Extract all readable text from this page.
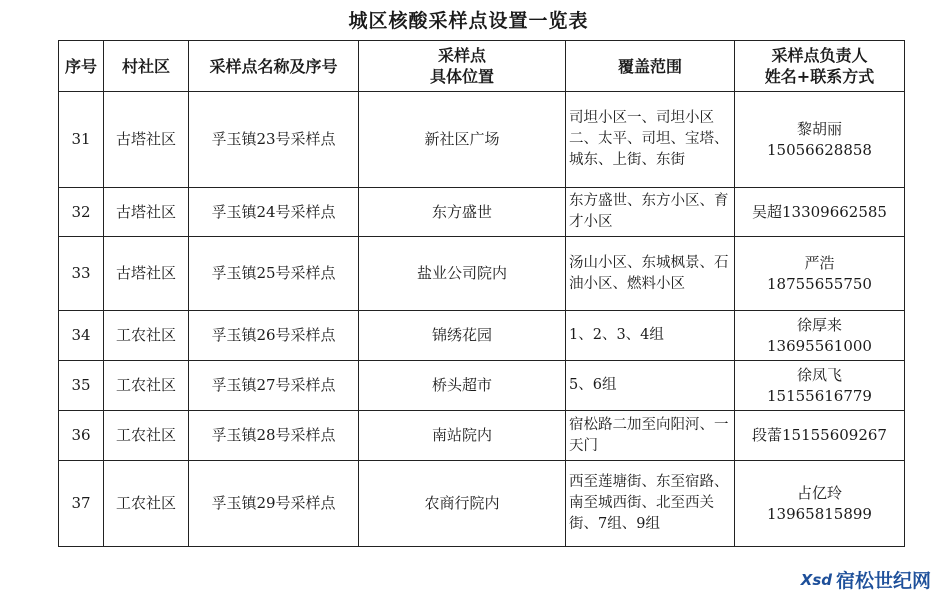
城区核酸采样点设置一览表
序号	村社区	采样点名称及序号	采样点
具体位置	覆盖范围	采样点负责人
姓名+联系方式
31	古塔社区	孚玉镇23号采样点	新社区广场	司坦小区一、司坦小区二、太平、司坦、宝塔、城东、上街、东街	黎胡丽
15056628858
32	古塔社区	孚玉镇24号采样点	东方盛世	东方盛世、东方小区、育才小区	吴超13309662585
33	古塔社区	孚玉镇25号采样点	盐业公司院内	汤山小区、东城枫景、石油小区、燃料小区	严浩
18755655750
34	工农社区	孚玉镇26号采样点	锦绣花园	1、2、3、4组	徐厚来
13695561000
35	工农社区	孚玉镇27号采样点	桥头超市	5、6组	徐凤飞
15155616779
36	工农社区	孚玉镇28号采样点	南站院内	宿松路二加至向阳河、一天门	段蕾15155609267
37	工农社区	孚玉镇29号采样点	农商行院内	西至莲塘街、东至宿路、南至城西街、北至西关街、7组、9组	占亿玲
13965815899
Xsd 宿松世纪网
